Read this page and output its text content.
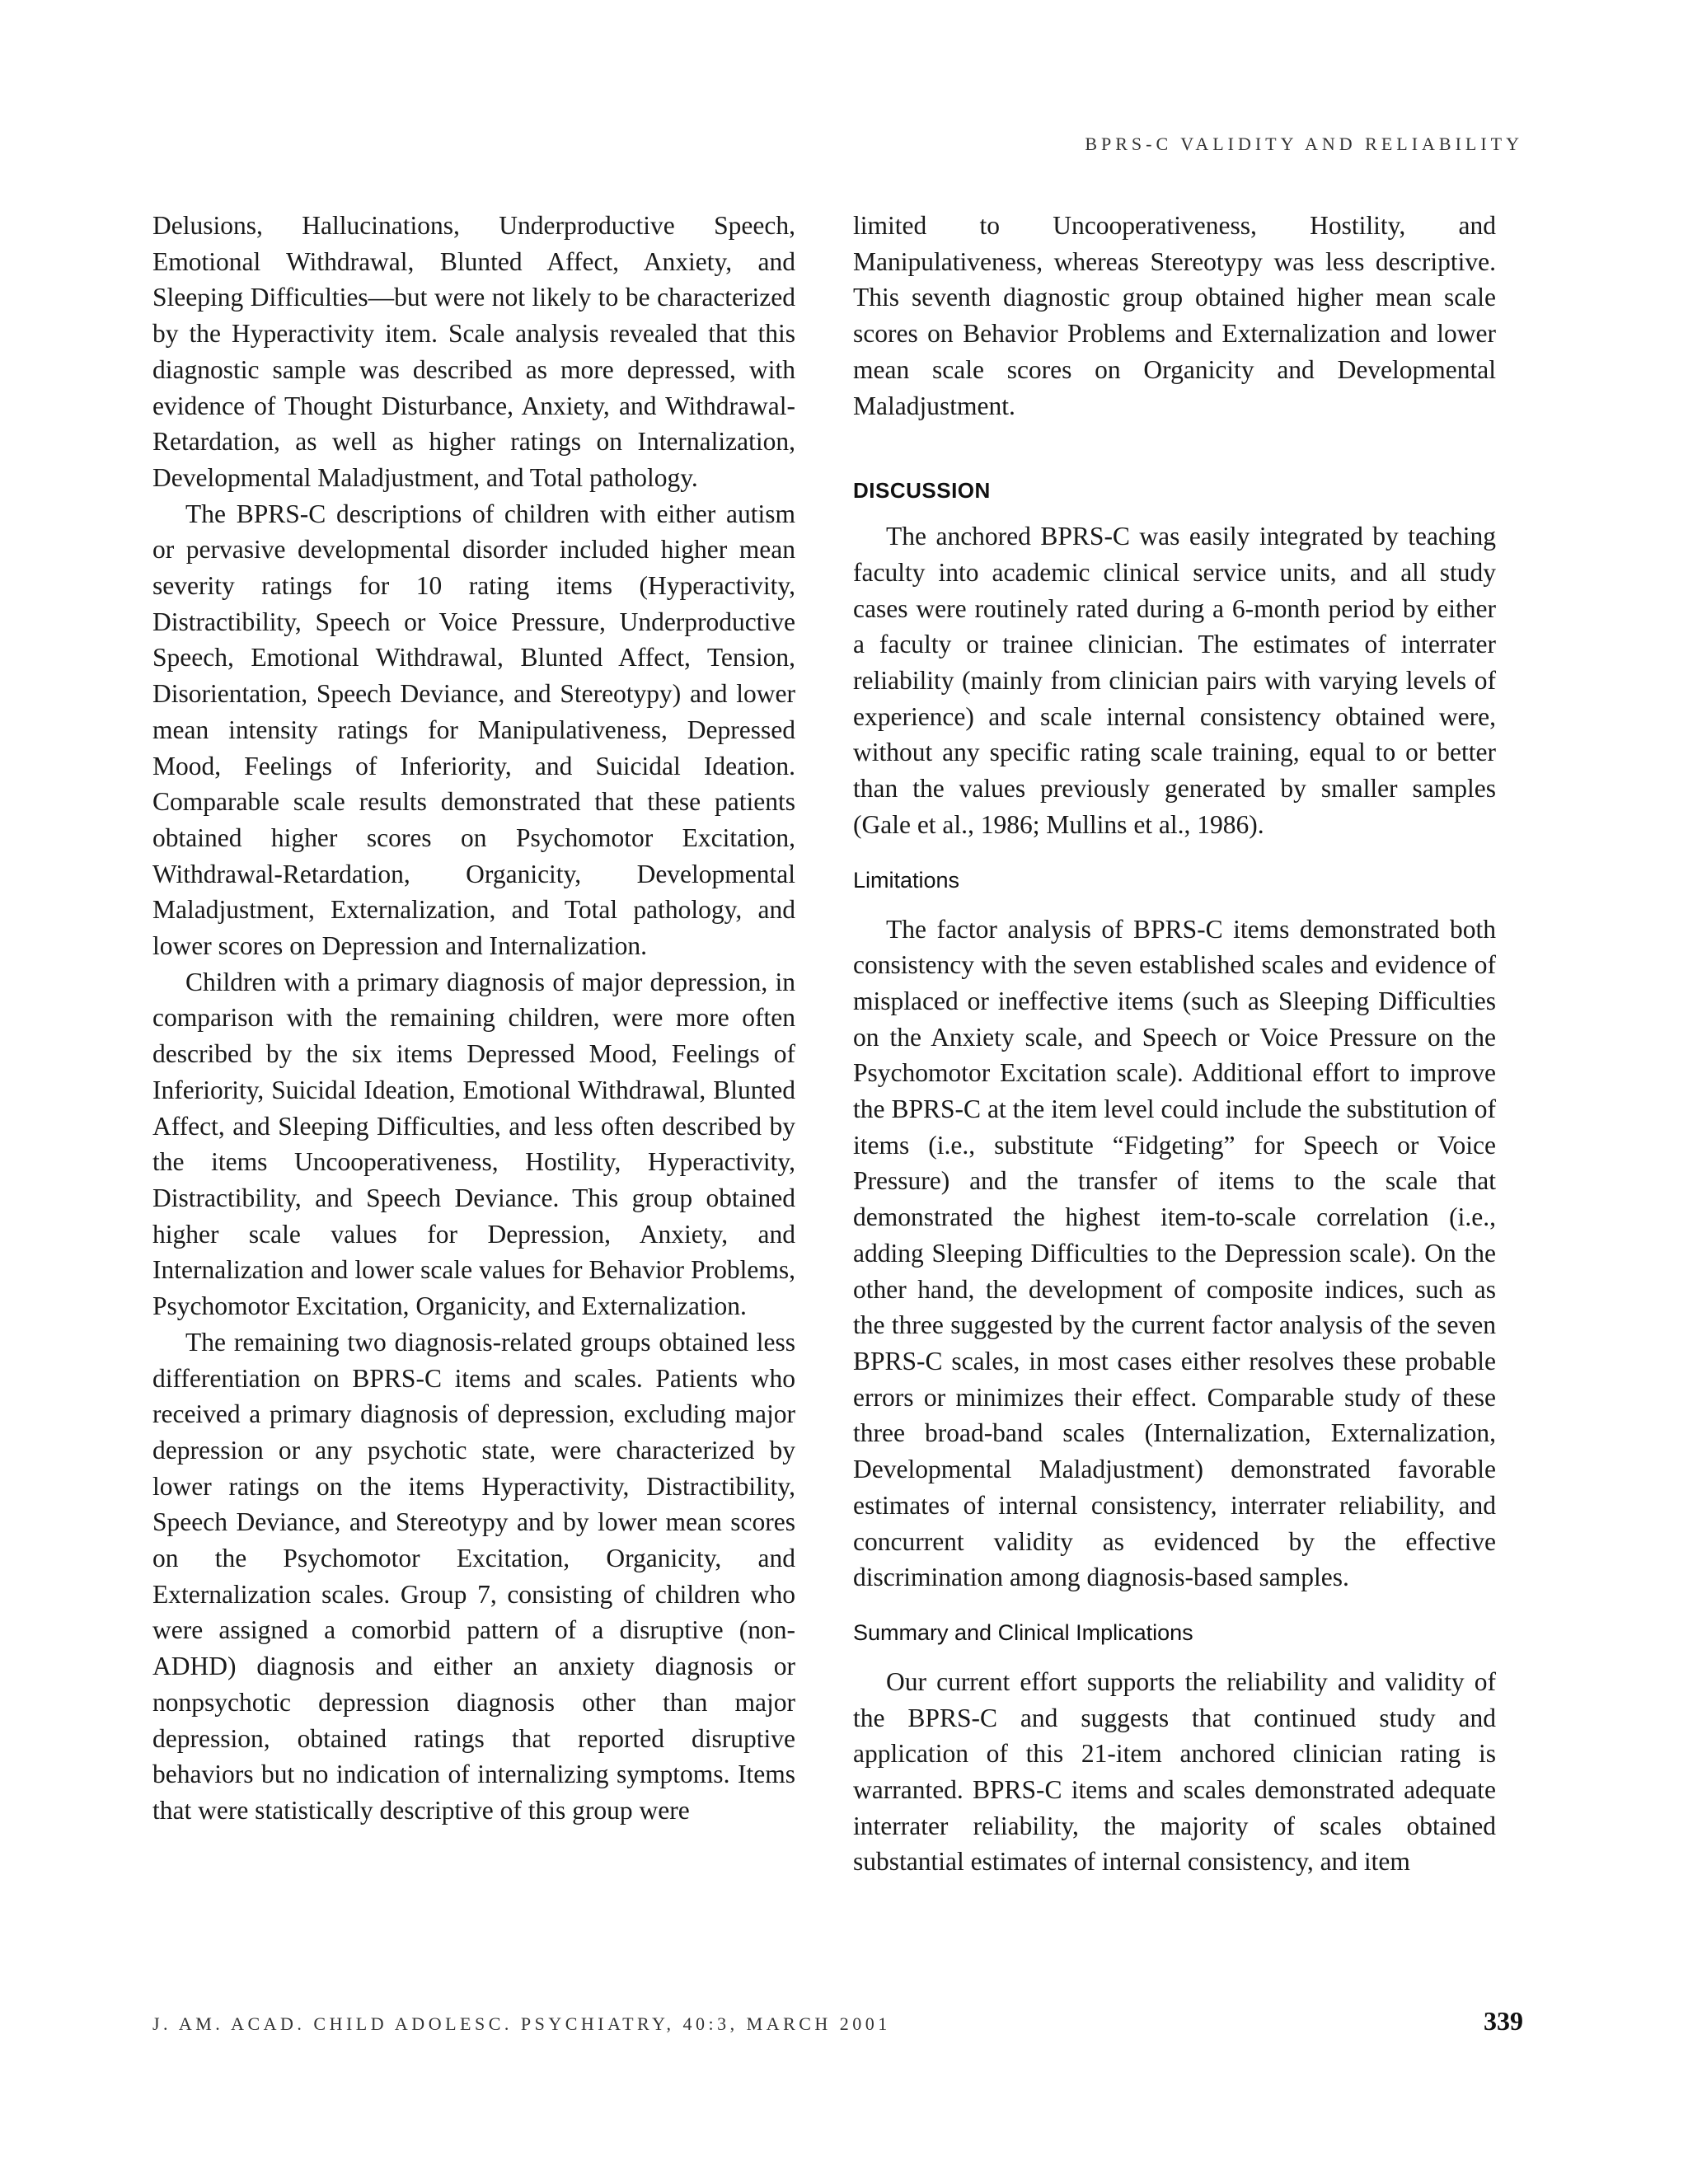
BPRS-C VALIDITY AND RELIABILITY

Delusions, Hallucinations, Underproductive Speech, Emotional Withdrawal, Blunted Affect, Anxiety, and Sleeping Difficulties—but were not likely to be characterized by the Hyperactivity item. Scale analysis revealed that this diagnostic sample was described as more depressed, with evidence of Thought Disturbance, Anxiety, and Withdrawal-Retardation, as well as higher ratings on Internalization, Developmental Maladjustment, and Total pathology.

The BPRS-C descriptions of children with either autism or pervasive developmental disorder included higher mean severity ratings for 10 rating items (Hyperactivity, Distractibility, Speech or Voice Pressure, Underproductive Speech, Emotional Withdrawal, Blunted Affect, Tension, Disorientation, Speech Deviance, and Stereotypy) and lower mean intensity ratings for Manipulativeness, Depressed Mood, Feelings of Inferiority, and Suicidal Ideation. Comparable scale results demonstrated that these patients obtained higher scores on Psychomotor Excitation, Withdrawal-Retardation, Organicity, Developmental Maladjustment, Externalization, and Total pathology, and lower scores on Depression and Internalization.

Children with a primary diagnosis of major depression, in comparison with the remaining children, were more often described by the six items Depressed Mood, Feelings of Inferiority, Suicidal Ideation, Emotional Withdrawal, Blunted Affect, and Sleeping Difficulties, and less often described by the items Uncooperativeness, Hostility, Hyperactivity, Distractibility, and Speech Deviance. This group obtained higher scale values for Depression, Anxiety, and Internalization and lower scale values for Behavior Problems, Psychomotor Excitation, Organicity, and Externalization.

The remaining two diagnosis-related groups obtained less differentiation on BPRS-C items and scales. Patients who received a primary diagnosis of depression, excluding major depression or any psychotic state, were characterized by lower ratings on the items Hyperactivity, Distractibility, Speech Deviance, and Stereotypy and by lower mean scores on the Psychomotor Excitation, Organicity, and Externalization scales. Group 7, consisting of children who were assigned a comorbid pattern of a disruptive (non-ADHD) diagnosis and either an anxiety diagnosis or nonpsychotic depression diagnosis other than major depression, obtained ratings that reported disruptive behaviors but no indication of internalizing symptoms. Items that were statistically descriptive of this group were

limited to Uncooperativeness, Hostility, and Manipulativeness, whereas Stereotypy was less descriptive. This seventh diagnostic group obtained higher mean scale scores on Behavior Problems and Externalization and lower mean scale scores on Organicity and Developmental Maladjustment.

DISCUSSION

The anchored BPRS-C was easily integrated by teaching faculty into academic clinical service units, and all study cases were routinely rated during a 6-month period by either a faculty or trainee clinician. The estimates of interrater reliability (mainly from clinician pairs with varying levels of experience) and scale internal consistency obtained were, without any specific rating scale training, equal to or better than the values previously generated by smaller samples (Gale et al., 1986; Mullins et al., 1986).

Limitations

The factor analysis of BPRS-C items demonstrated both consistency with the seven established scales and evidence of misplaced or ineffective items (such as Sleeping Difficulties on the Anxiety scale, and Speech or Voice Pressure on the Psychomotor Excitation scale). Additional effort to improve the BPRS-C at the item level could include the substitution of items (i.e., substitute “Fidgeting” for Speech or Voice Pressure) and the transfer of items to the scale that demonstrated the highest item-to-scale correlation (i.e., adding Sleeping Difficulties to the Depression scale). On the other hand, the development of composite indices, such as the three suggested by the current factor analysis of the seven BPRS-C scales, in most cases either resolves these probable errors or minimizes their effect. Comparable study of these three broad-band scales (Internalization, Externalization, Developmental Maladjustment) demonstrated favorable estimates of internal consistency, interrater reliability, and concurrent validity as evidenced by the effective discrimination among diagnosis-based samples.

Summary and Clinical Implications

Our current effort supports the reliability and validity of the BPRS-C and suggests that continued study and application of this 21-item anchored clinician rating is warranted. BPRS-C items and scales demonstrated adequate interrater reliability, the majority of scales obtained substantial estimates of internal consistency, and item

J. AM. ACAD. CHILD ADOLESC. PSYCHIATRY, 40:3, MARCH 2001	339
